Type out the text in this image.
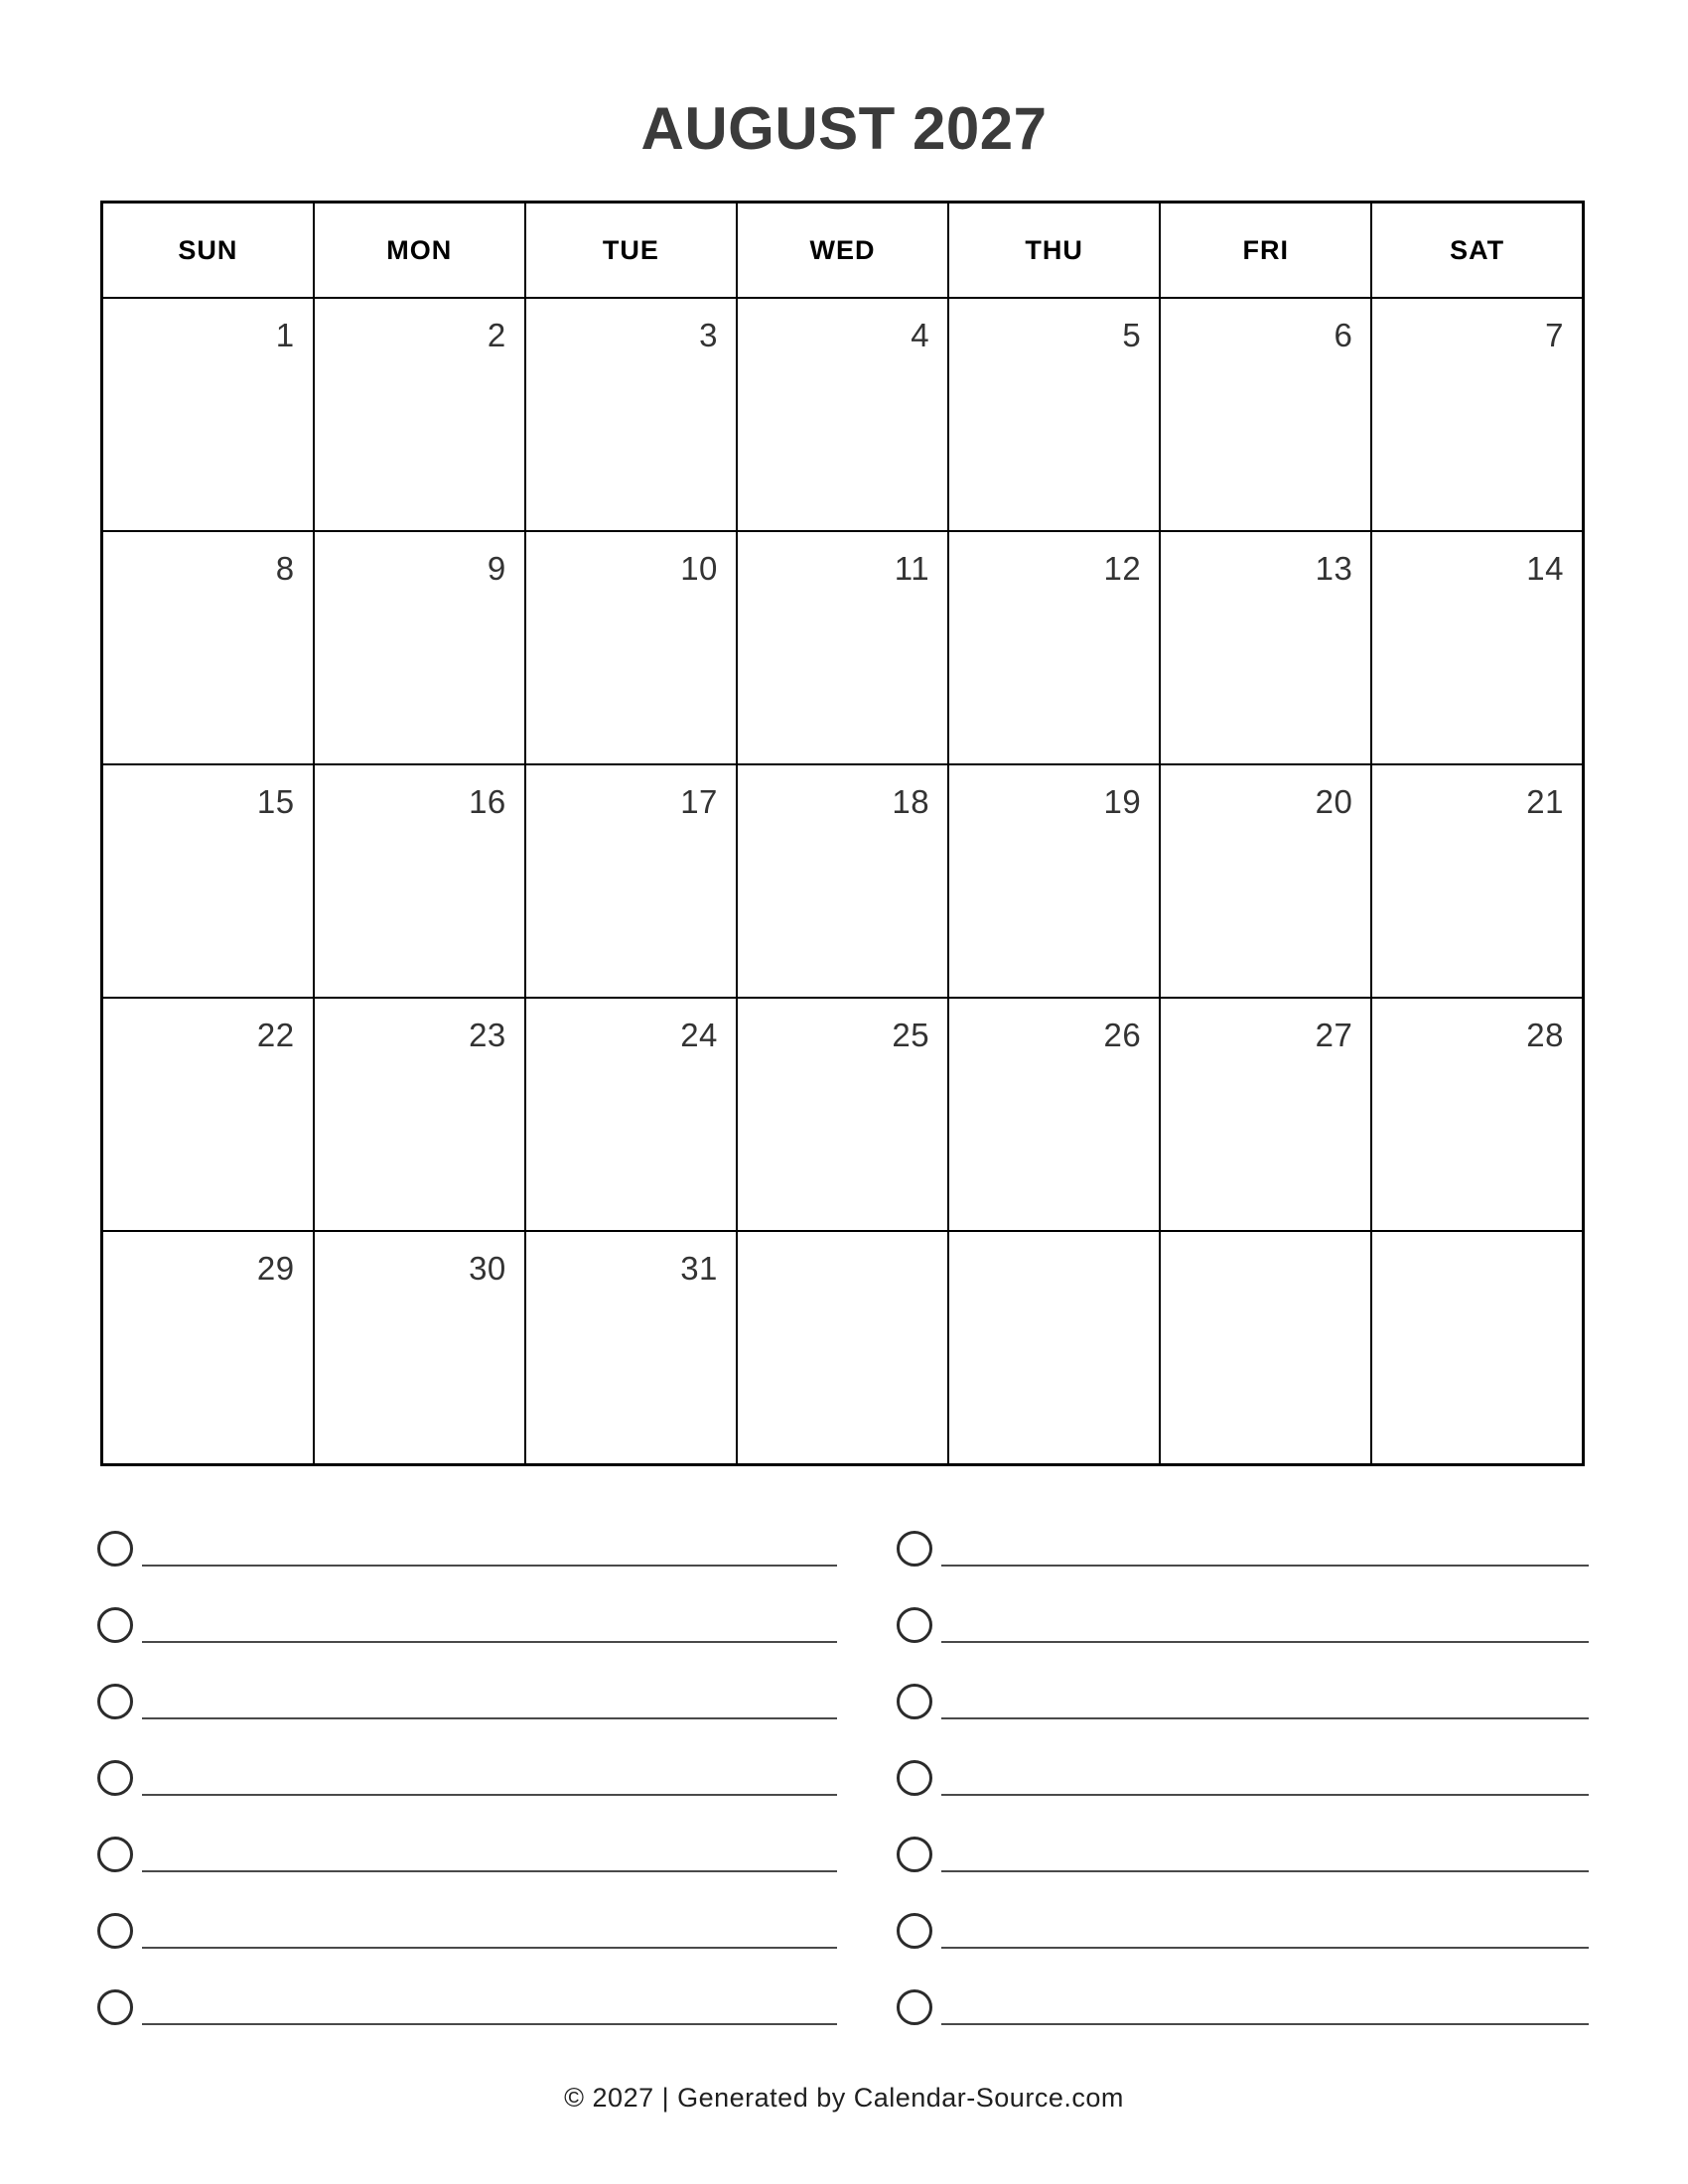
AUGUST 2027
SUN	MON	TUE	WED	THU	FRI	SAT
1	2	3	4	5	6	7
8	9	10	11	12	13	14
15	16	17	18	19	20	21
22	23	24	25	26	27	28
29	30	31				
© 2027 | Generated by Calendar-Source.com
